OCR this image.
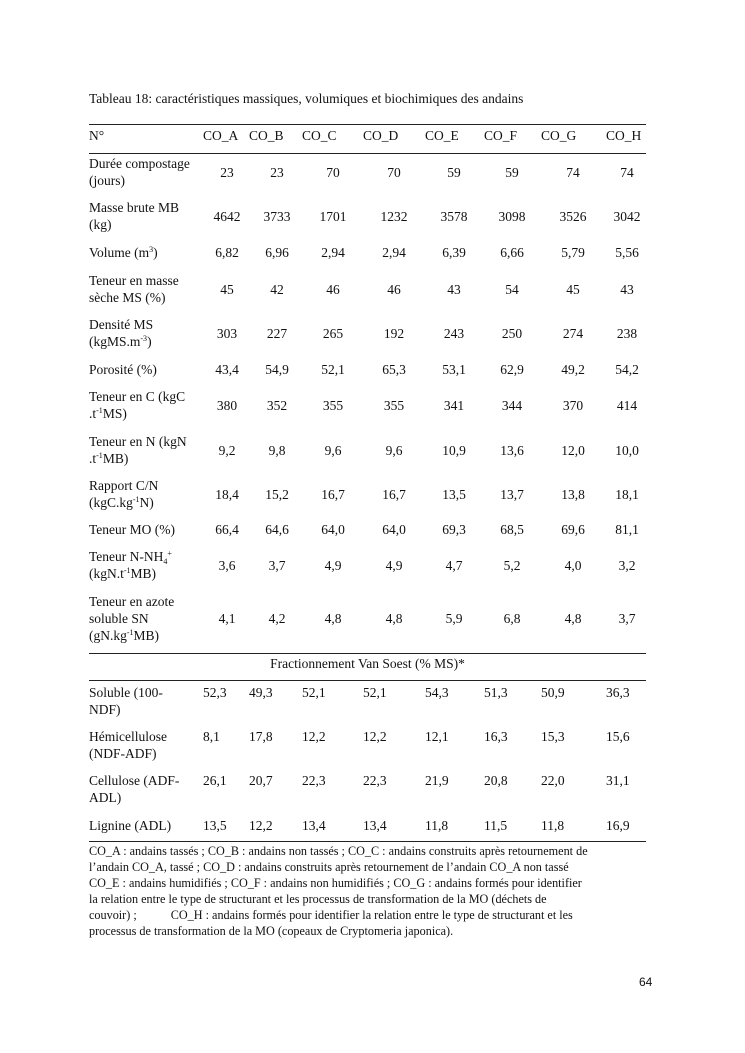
Tableau 18: caractéristiques massiques, volumiques et biochimiques des andains
N°	CO_A CO_B CO_C CO_D CO_E CO_F CO_G CO_H
Durée compostage
(jours)
23	23	70	70	59	59	74	74
Masse brute MB
(kg)
4642	3733	1701	1232	3578	3098	3526	3042
Volume $(m^3)$	6,82	6,96	2,94	2,94	6,39	6,66	5,79	5,56
Teneur en masse
sèche MS (%)
45	42	46	46	43	54	45	43
Densité MS
$(kgMS.m^{-3})$
303	227	265	192	243	250	274	238
Porosité (%)	43,4	54,9	52,1	65,3	53,1	62,9	49,2	54,2
Teneur en C (kgC
$.t^{-1}MS$)
380	352	355	355	341	344	370	414
Teneur en N (kgN
$.t^{-1}MB$)
9,2	9,8	9,6	9,6	10,9	13,6	12,0	10,0
Rapport C/N
$(kgC.kg^{-1}N)$
18,4	15,2	16,7	16,7	13,5	13,7	13,8	18,1
Teneur MO (%)	66,4	64,6	64,0	64,0	69,3	68,5	69,6	81,1
Teneur $N-NH_4^+$
$(kgN.t^{-1}MB)$
3,6	3,7	4,9	4,9	4,7	5,2	4,0	3,2
Teneur en azote
soluble SN
$(gN.kg^{-1}MB)$
4,1	4,2	4,8	4,8	5,9	6,8	4,8	3,7
Fractionnement Van Soest (% MS)*
Soluble (100-
NDF)
52,3 49,3 52,1	52,1	54,3	51,3 50,9	36,3
Hémicellulose
(NDF-ADF)
8,1 17,8 12,2	12,2	12,1	16,3 15,3	15,6
Cellulose (ADF-
ADL)
26,1 20,7 22,3	22,3	21,9	20,8 22,0	31,1
Lignine (ADL)	13,5 12,2 13,4	13,4	11,8	11,5	11,8	16,9
CO_A : andains tassés ; CO_B : andains non tassés ; CO_C : andains construits après retournement de
l’andain CO_A, tassé ; CO_D : andains construits après retournement de l’andain CO_A non tassé
CO_E : andains humidifiés ; CO_F : andains non humidifiés ; CO_G : andains formés pour identifier
la relation entre le type de structurant et les processus de transformation de la MO (déchets de
couvoir) ;	CO_H : andains formés pour identifier la relation entre le type de structurant et les
processus de transformation de la MO (copeaux de Cryptomeria japonica).
64
